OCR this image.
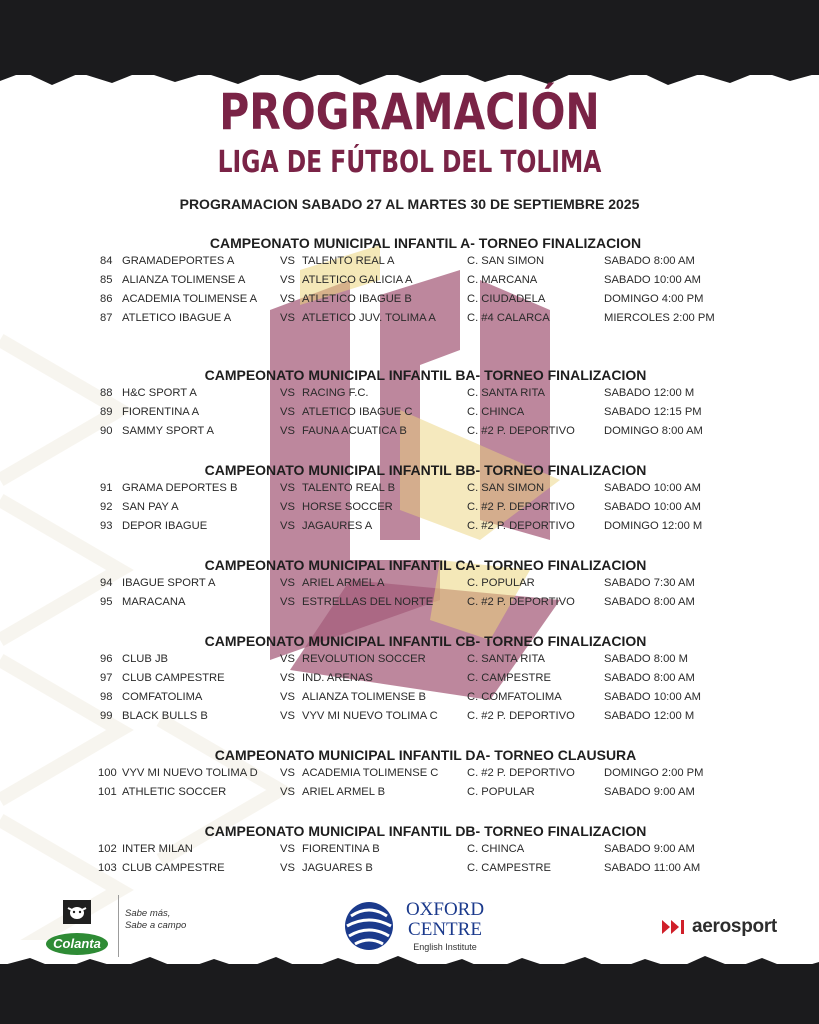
PROGRAMACIÓN
LIGA DE FÚTBOL DEL TOLIMA
PROGRAMACION SABADO 27 AL MARTES 30 DE SEPTIEMBRE 2025
CAMPEONATO MUNICIPAL INFANTIL A- TORNEO FINALIZACION
84 GRAMADEPORTES A	VS TALENTO REAL A	C. SAN SIMON	SABADO 8:00 AM
85 ALIANZA TOLIMENSE A	VS ATLETICO GALICIA A	C. MARCANA	SABADO 10:00 AM
86 ACADEMIA TOLIMENSE A VS ATLETICO IBAGUE B	C. CIUDADELA	DOMINGO 4:00 PM
87 ATLETICO IBAGUE A	VS ATLETICO JUV. TOLIMA A	C. #4 CALARCA	MIERCOLES 2:00 PM
CAMPEONATO MUNICIPAL INFANTIL BA- TORNEO FINALIZACION
88 H&C SPORT A	VS RACING F.C.	C. SANTA RITA	SABADO 12:00 M
89 FIORENTINA A	VS ATLETICO IBAGUE C	C. CHINCA	SABADO 12:15 PM
90 SAMMY SPORT A	VS FAUNA ACUATICA B	C. #2 P. DEPORTIVO	DOMINGO 8:00 AM
CAMPEONATO MUNICIPAL INFANTIL BB- TORNEO FINALIZACION
91 GRAMA DEPORTES B	VS TALENTO REAL B	C. SAN SIMON	SABADO 10:00 AM
92 SAN PAY A	VS HORSE SOCCER	C. #2 P. DEPORTIVO	SABADO 10:00 AM
93 DEPOR IBAGUE	VS JAGAURES A	C. #2 P. DEPORTIVO	DOMINGO 12:00 M
CAMPEONATO MUNICIPAL INFANTIL CA- TORNEO FINALIZACION
94 IBAGUE SPORT A	VS ARIEL ARMEL A	C. POPULAR	SABADO 7:30 AM
95 MARACANA	VS ESTRELLAS DEL NORTE	C. #2 P. DEPORTIVO	SABADO 8:00 AM
CAMPEONATO MUNICIPAL INFANTIL CB- TORNEO FINALIZACION
96 CLUB JB	VS REVOLUTION SOCCER	C. SANTA RITA	SABADO 8:00 M
97 CLUB CAMPESTRE	VS IND. ARENAS	C. CAMPESTRE	SABADO 8:00 AM
98 COMFATOLIMA	VS ALIANZA TOLIMENSE B	C. COMFATOLIMA	SABADO 10:00 AM
99 BLACK BULLS B	VS VYV MI NUEVO TOLIMA C	C. #2 P. DEPORTIVO	SABADO 12:00 M
CAMPEONATO MUNICIPAL INFANTIL DA- TORNEO CLAUSURA
100 VYV MI NUEVO TOLIMA D VS ACADEMIA TOLIMENSE C	C. #2 P. DEPORTIVO	DOMINGO 2:00 PM
101 ATHLETIC SOCCER	VS ARIEL ARMEL B	C. POPULAR	SABADO 9:00 AM
CAMPEONATO MUNICIPAL INFANTIL DB- TORNEO FINALIZACION
102 INTER MILAN	VS FIORENTINA B	C. CHINCA	SABADO 9:00 AM
103 CLUB CAMPESTRE	VS JAGUARES B	C. CAMPESTRE	SABADO 11:00 AM
Colanta
Sabe más,
Sabe a campo
OXFORD
CENTRE
English Institute
aerosport
